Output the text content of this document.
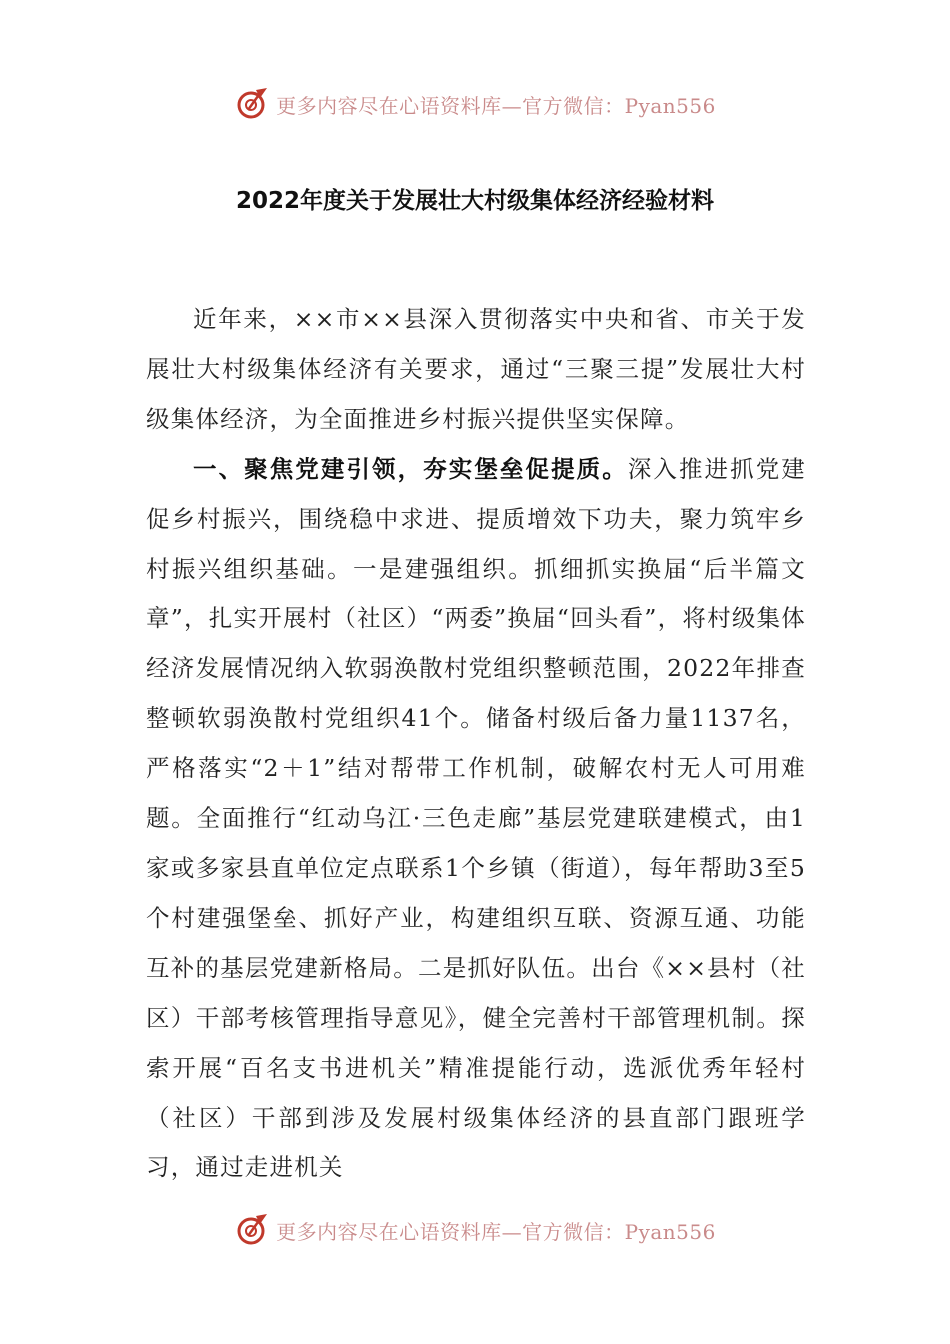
更多内容尽在心语资料库—官方微信：Pyan556
2022年度关于发展壮大村级集体经济经验材料

近年来，××市××县深入贯彻落实中央和省、市关于发展壮大村级集体经济有关要求，通过“三聚三提”发展壮大村级集体经济，为全面推进乡村振兴提供坚实保障。

一、聚焦党建引领，夯实堡垒促提质。深入推进抓党建促乡村振兴，围绕稳中求进、提质增效下功夫，聚力筑牢乡村振兴组织基础。一是建强组织。抓细抓实换届“后半篇文章”，扎实开展村（社区）“两委”换届“回头看”，将村级集体经济发展情况纳入软弱涣散村党组织整顿范围，2022年排查整顿软弱涣散村党组织41个。储备村级后备力量1137名，严格落实“2＋1”结对帮带工作机制，破解农村无人可用难题。全面推行“红动乌江·三色走廊”基层党建联建模式，由1家或多家县直单位定点联系1个乡镇（街道），每年帮助3至5个村建强堡垒、抓好产业，构建组织互联、资源互通、功能互补的基层党建新格局。二是抓好队伍。出台《××县村（社区）干部考核管理指导意见》，健全完善村干部管理机制。探索开展“百名支书进机关”精准提能行动，选派优秀年轻村（社区）干部到涉及发展村级集体经济的县直部门跟班学习，通过走进机关

更多内容尽在心语资料库—官方微信：Pyan556
